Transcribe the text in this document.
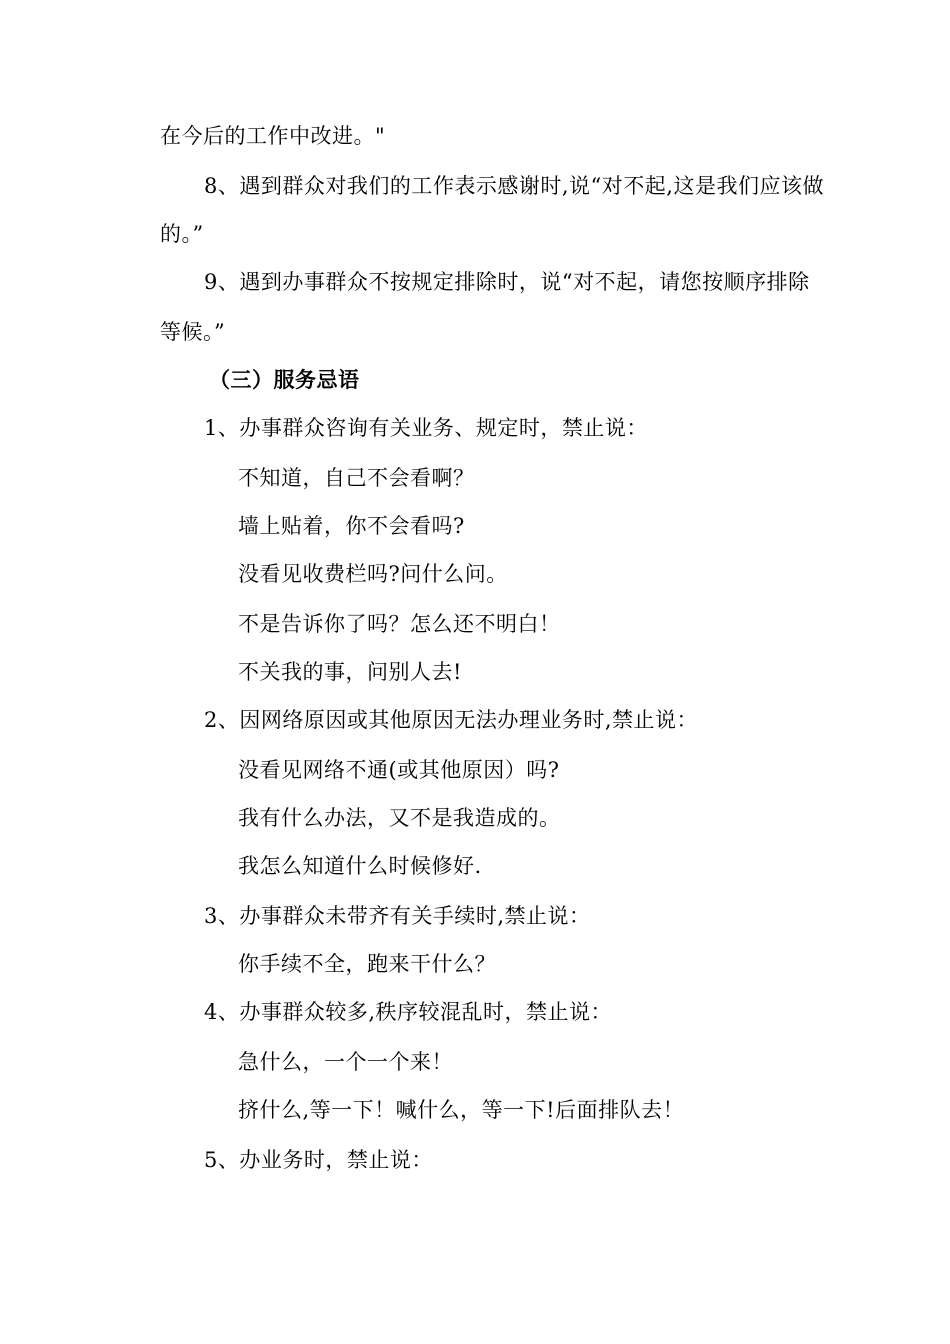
在今后的工作中改进。"
8、遇到群众对我们的工作表示感谢时,说“对不起,这是我们应该做
的。”
9、遇到办事群众不按规定排除时，说“对不起，请您按顺序排除
等候。”
（三）服务忌语
1、办事群众咨询有关业务、规定时，禁止说：
不知道，自己不会看啊？
墙上贴着，你不会看吗?
没看见收费栏吗?问什么问。
不是告诉你了吗？怎么还不明白！
不关我的事，问别人去!
2、因网络原因或其他原因无法办理业务时,禁止说：
没看见网络不通(或其他原因）吗?
我有什么办法，又不是我造成的。
我怎么知道什么时候修好.
3、办事群众未带齐有关手续时,禁止说：
你手续不全，跑来干什么？
4、办事群众较多,秩序较混乱时，禁止说：
急什么，一个一个来！
挤什么,等一下！喊什么，等一下!后面排队去！
5、办业务时，禁止说：
